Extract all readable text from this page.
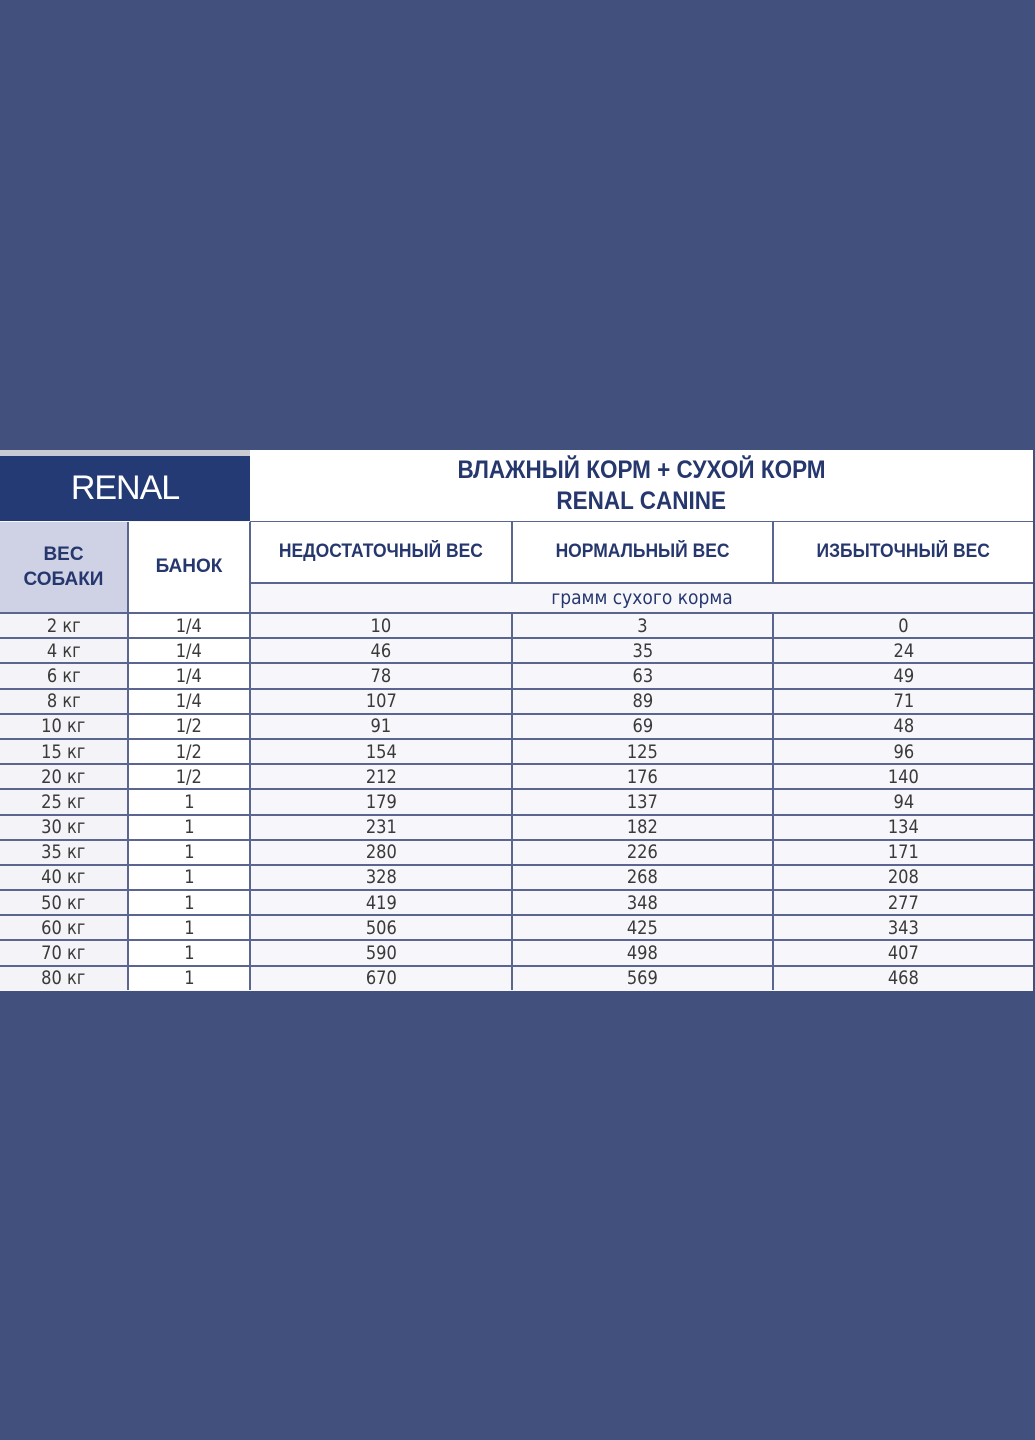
RENAL	ВЛАЖНЫЙ КОРМ + СУХОЙ КОРМ
RENAL CANINE
ВЕС
СОБАКИ
БАНОК
НЕДОСТАТОЧНЫЙ ВЕС	НОРМАЛЬНЫЙ ВЕС	ИЗБЫТОЧНЫЙ ВЕС
грамм сухого корма
2 кг	1/4	10	3	0
4 кг	1/4	46	35	24
6 кг	1/4	78	63	49
8 кг	1/4	107	89	71
10 кг	1/2	91	69	48
15 кг	1/2	154	125	96
20 кг	1/2	212	176	140
25 кг	1	179	137	94
30 кг	1	231	182	134
35 кг	1	280	226	171
40 кг	1	328	268	208
50 кг	1	419	348	277
60 кг	1	506	425	343
70 кг	1	590	498	407
80 кг	1	670	569	468
